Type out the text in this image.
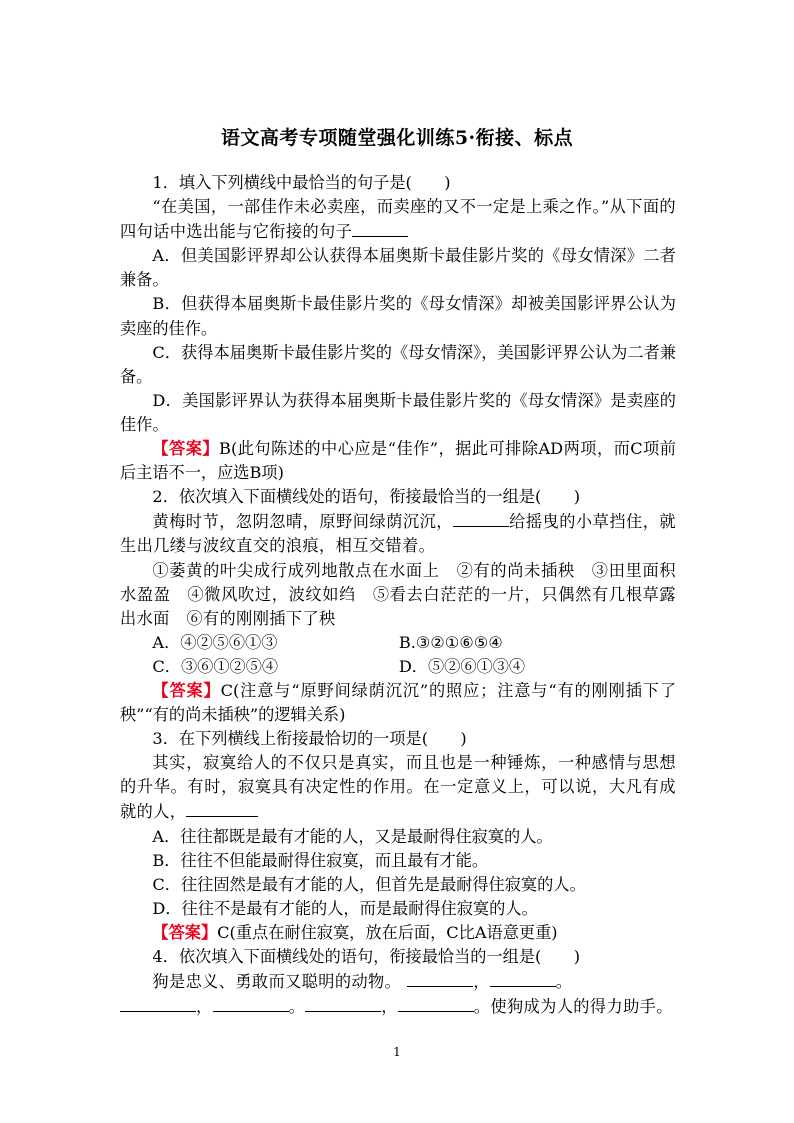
语文高考专项随堂强化训练5·衔接、标点

1．填入下列横线中最恰当的句子是(　　)

“在美国，一部佳作未必卖座，而卖座的又不一定是上乘之作。”从下面的四句话中选出能与它衔接的句子

A．但美国影评界却公认获得本届奥斯卡最佳影片奖的《母女情深》二者兼备。

B．但获得本届奥斯卡最佳影片奖的《母女情深》却被美国影评界公认为卖座的佳作。

C．获得本届奥斯卡最佳影片奖的《母女情深》，美国影评界公认为二者兼备。

D．美国影评界认为获得本届奥斯卡最佳影片奖的《母女情深》是卖座的佳作。

【答案】B(此句陈述的中心应是“佳作”，据此可排除AD两项，而C项前后主语不一，应选B项)

2．依次填入下面横线处的语句，衔接最恰当的一组是(　　)

黄梅时节，忽阴忽晴，原野间绿荫沉沉，	给摇曳的小草挡住，就生出几缕与波纹直交的浪痕，相互交错着。

①萎黄的叶尖成行成列地散点在水面上　②有的尚未插秧　③田里面积水盈盈　④微风吹过，波纹如绉　⑤看去白茫茫的一片，只偶然有几根草露出水面　⑥有的刚刚插下了秧

A．④②⑤⑥①③	B.③②①⑥⑤④
C．③⑥①②⑤④	D．⑤②⑥①③④

【答案】C(注意与“原野间绿荫沉沉”的照应；注意与“有的刚刚插下了秧”“有的尚未插秧”的逻辑关系)

3．在下列横线上衔接最恰切的一项是(　　)

其实，寂寞给人的不仅只是真实，而且也是一种锤炼，一种感情与思想的升华。有时，寂寞具有决定性的作用。在一定意义上，可以说，大凡有成就的人，

A．往往都既是最有才能的人，又是最耐得住寂寞的人。

B．往往不但能最耐得住寂寞，而且最有才能。

C．往往固然是最有才能的人，但首先是最耐得住寂寞的人。

D．往往不是最有才能的人，而是最耐得住寂寞的人。

【答案】C(重点在耐住寂寞，放在后面，C比A语意更重)

4．依次填入下面横线处的语句，衔接最恰当的一组是(　　)

狗是忠义、勇敢而又聪明的动物。	，	。
，	。	，	。使狗成为人的得力助手。

1
